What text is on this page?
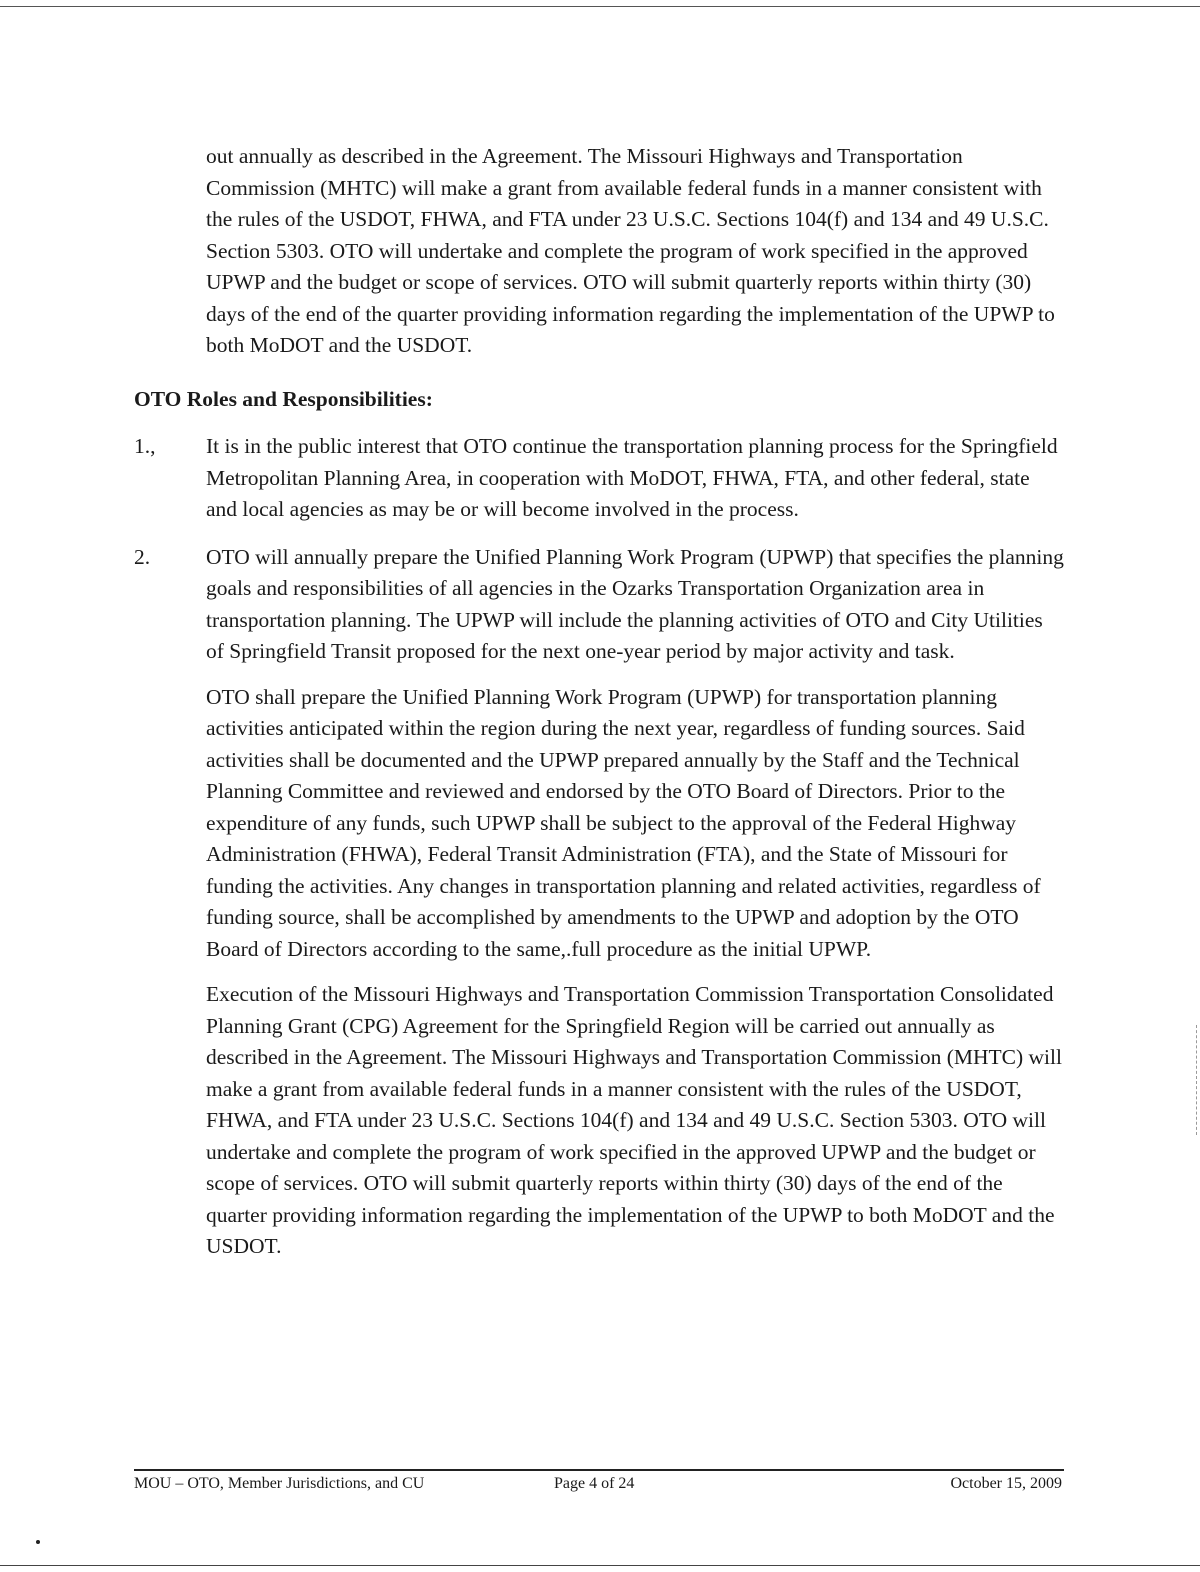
out annually as described in the Agreement. The Missouri Highways and Transportation Commission (MHTC) will make a grant from available federal funds in a manner consistent with the rules of the USDOT, FHWA, and FTA under 23 U.S.C. Sections 104(f) and 134 and 49 U.S.C. Section 5303. OTO will undertake and complete the program of work specified in the approved UPWP and the budget or scope of services. OTO will submit quarterly reports within thirty (30) days of the end of the quarter providing information regarding the implementation of the UPWP to both MoDOT and the USDOT.

OTO Roles and Responsibilities:
1.,	It is in the public interest that OTO continue the transportation planning process for the Springfield Metropolitan Planning Area, in cooperation with MoDOT, FHWA, FTA, and other federal, state and local agencies as may be or will become involved in the process.

2.	OTO will annually prepare the Unified Planning Work Program (UPWP) that specifies the planning goals and responsibilities of all agencies in the Ozarks Transportation Organization area in transportation planning. The UPWP will include the planning activities of OTO and City Utilities of Springfield Transit proposed for the next one-year period by major activity and task.

OTO shall prepare the Unified Planning Work Program (UPWP) for transportation planning activities anticipated within the region during the next year, regardless of funding sources. Said activities shall be documented and the UPWP prepared annually by the Staff and the Technical Planning Committee and reviewed and endorsed by the OTO Board of Directors. Prior to the expenditure of any funds, such UPWP shall be subject to the approval of the Federal Highway Administration (FHWA), Federal Transit Administration (FTA), and the State of Missouri for funding the activities. Any changes in transportation planning and related activities, regardless of funding source, shall be accomplished by amendments to the UPWP and adoption by the OTO Board of Directors according to the same,.full procedure as the initial UPWP.

Execution of the Missouri Highways and Transportation Commission Transportation Consolidated Planning Grant (CPG) Agreement for the Springfield Region will be carried out annually as described in the Agreement. The Missouri Highways and Transportation Commission (MHTC) will make a grant from available federal funds in a manner consistent with the rules of the USDOT, FHWA, and FTA under 23 U.S.C. Sections 104(f) and 134 and 49 U.S.C. Section 5303. OTO will undertake and complete the program of work specified in the approved UPWP and the budget or scope of services. OTO will submit quarterly reports within thirty (30) days of the end of the quarter providing information regarding the implementation of the UPWP to both MoDOT and the USDOT.

MOU – OTO, Member Jurisdictions, and CU	Page 4 of 24	October 15, 2009
